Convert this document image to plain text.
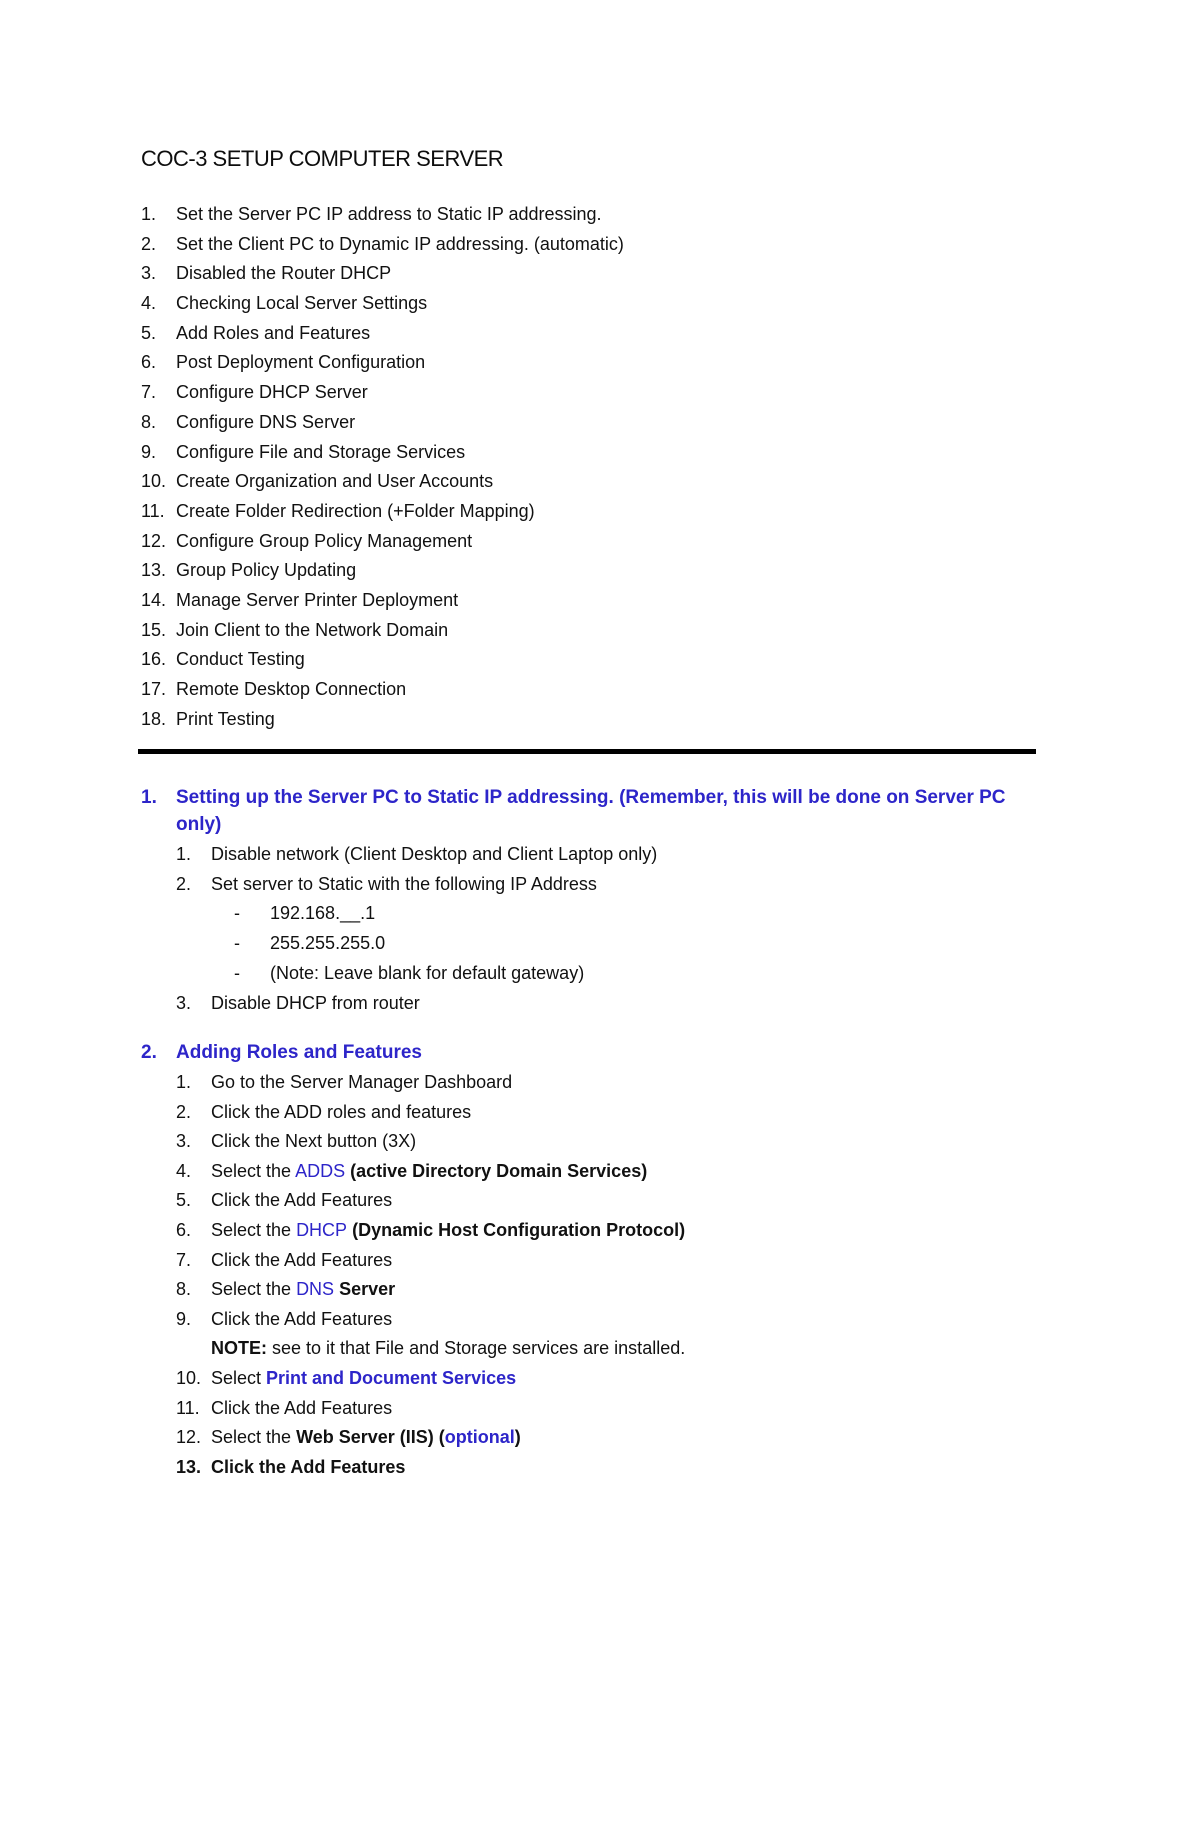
COC-3 SETUP COMPUTER SERVER
1. Set the Server PC IP address to Static IP addressing.
2. Set the Client PC to Dynamic IP addressing. (automatic)
3. Disabled the Router DHCP
4. Checking Local Server Settings
5. Add Roles and Features
6. Post Deployment Configuration
7. Configure DHCP Server
8. Configure DNS Server
9. Configure File and Storage Services
10. Create Organization and User Accounts
11. Create Folder Redirection (+Folder Mapping)
12. Configure Group Policy Management
13. Group Policy Updating
14. Manage Server Printer Deployment
15. Join Client to the Network Domain
16. Conduct Testing
17. Remote Desktop Connection
18. Print Testing
1. Setting up the Server PC to Static IP addressing. (Remember, this will be done on Server PC only)
1. Disable network (Client Desktop and Client Laptop only)
2. Set server to Static with the following IP Address
- 192.168.__.1
- 255.255.255.0
- (Note: Leave blank for default gateway)
3. Disable DHCP from router
2. Adding Roles and Features
1. Go to the Server Manager Dashboard
2. Click the ADD roles and features
3. Click the Next button (3X)
4. Select the ADDS (active Directory Domain Services)
5. Click the Add Features
6. Select the DHCP (Dynamic Host Configuration Protocol)
7. Click the Add Features
8. Select the DNS Server
9. Click the Add Features
NOTE: see to it that File and Storage services are installed.
10. Select Print and Document Services
11. Click the Add Features
12. Select the Web Server (IIS) (optional)
13. Click the Add Features
